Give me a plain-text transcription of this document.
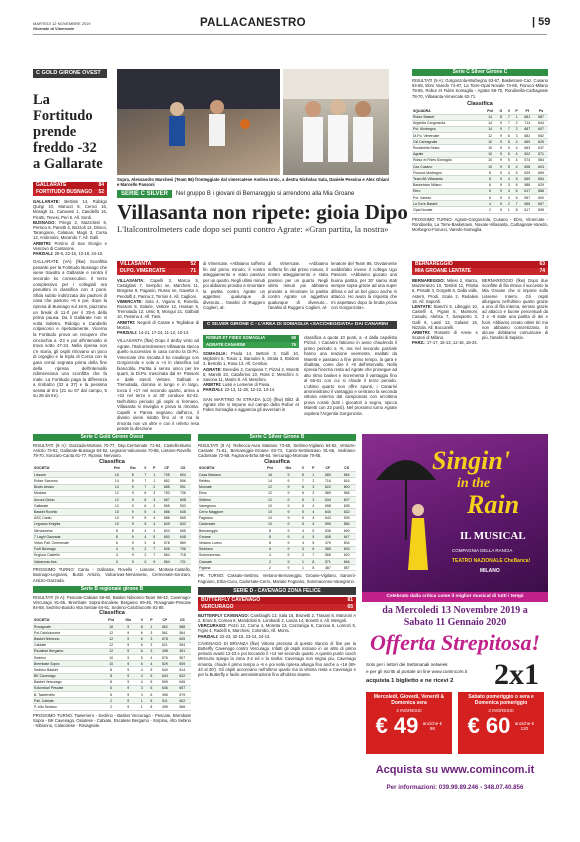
MARTEDI 12 NOVEMBRE 2019
Giornale di Vimercate	PALLACANESTRO	| 59
C GOLD GIRONE OVEST
La Fortitudo prende freddo -32 a Gallarate
GALLARATE	84
FORTITUDO BUSNAGO 52

GALLARATE: Bettinsi 14, Ridolgo Quirgi 10, Marucci 6, Ceroci 16, Moragh 11, Canavesi 1, Candiello 16, Picotti, Tenesi, Peri 5. All. Sordi.

BUSNAGO: Pirego 2, Mazzoleni 6, Persico 6, Panetti 4, Bozzoli 14, Drisco, Tarangione, Calanan, Magri 3, Corsa 12, Ambrosini, Morando 7. All. Galli.

ARBITRI: Porrino di San Giorgio e Vescovo di Cantarone.

PARZIALI: 25-6, 22-16, 13-18, 24-10.

GALLARATE (VA) (fkw) Sconfitta pesante per la Fortitudo Busnago che viene travolta a Gallarate e centra il secondo ko consecutivo. Il terzo complessivo per i collegiali ora penultimi in classifica con 4 punti. Sfida subito indirizzata dai padroni di casa che partono +6 e poi, dopo la ripresa di Busnago sul 16-8, piazzano un break di 11-0 per il 25-6 della prima pausa. Da li Gallarate non si volta indietro, Ridolgo e Candiello colpiscono e ripetutamente. Vicerna la Fortitudo prova un recupero che cincischia a -23 e poi all'intervallo si trova sotto 47-24. Nella ripresa non c'e storia, gli ospiti ritrovano un poco di orgoglio e la tripla di Corsa con la gara ormai segnata prima della fine della ripresa dell'intervallo ridimensiona una sconfitta che fa male. La Fortitudo paga la differenza a rimbalzo (32 a 37) e la pessima serata al tiro (21 su 67 dal campo, 5 su 28 da tre).
Sopra, Alessandro Marchesi (Team 86) fronteggiato dal vimercatese Andrea Ursic, a destra Nicholas Sala, Daniele Pessina e Alex Ghiani e Marcello Passoni
SERIE C SILVER	Nel gruppo B i giovani di Bernareggio si arrendono alla Mia Groane
Villasanta non ripete: gioia Dipo
L'Italcontrolmeters cade dopo sei punti contro Agrate: «Gran partita, la nostra»
VILLASANTA	52
DI.PO. VIMERCATE	71

VILLASANTA: Capelli 3, Mosca 5, Castiglioni 7, Semplici ne, Marchesi 11, Morgese 9, Paganin, Russo ne, Gavetta 4, Pendolfi 4, Panna 2, Tornini 4. All. Caglioni.

VIMERCATE: Sola 4, Vigano 6, Ronella, Rossoni 8, Salarie, Vettore 12, Hassan 5, Tremolada 12, Ursic 8, Mongui 21, Galbiati 10, Pessina 4. All. Tieni.

ARBITRI: Negroli di Carate e Tegliabue di Monza.

PARZIALI: 14-21, 17-24, 11-12, 10-14.

VILLASANTA (fkw) Dopo il derby vinto ad Agrate, l'Italcontrolmeters Villasanta stecca quello successivo in casa contro la Di.Po. Vimercate che riscatta il ko casalingo con Gorgonzola e vola a +4 in classifica sul biancoblu. Partita a senso unico per tre quarti, la Di.Po. trascinata dal 6+ Passoni e dalle steroli Vettore, Galbiati e Tremolada, domina in lungo e in largo, tocca il +17 nel secondo quarto, arriva a +22 nel terzo e al 30' conduce 62-42. Nell'ultimo periodo gli ospiti si fermano, Villasanta si risveglia e prova la rimonta. Capelli e Panna segnano dall'arco, il divario viene ridotto fino al -8 ma la rimonta non va oltre e con il referto resa pende la direzione
di Vimercate. «Abbiamo sofferto fin dal primo minuto, il nostro atteggiamento e stato passivo per un quarto. Negli ultimi minuti poi abbiamo provato a rimontare la partita contro Agrate un aggettivo qualunque di divenuto... l'analisi di Ruggero Coglieri, al-
lenatore del Team 86. Ovviamente soddisfatto invece il collega Ugo Passoni: «Abbiamo giocato una buona partita, per 30' siamo stati sempre sopra grazie ad una super difesa e ad un bel gioco anche in attacco. Ho avuto la risposta che mi aspettavo dopo la brutta prova con Gorgonzola».
di Vimercate. «Abbiamo sofferto fin dal primo minuto, il nostro atteggiamento e stato passivo per un quarto. Negli ultimi minuti poi abbiamo provato a rimontare la partita contro Agrate un aggettivo qualunque di divenuto... l'analisi di Ruggero Coglieri, al-
C SILVER GIRONE C - L'AREA DI SOMAGLIA «SACCHEGGIATA» DAI CANARINI
ROBUR ET FIDES SOMAGLIA	58
AGRATE CANARINI	75

SOMAGLIA: Prada 14, Bettoni 3, Gulli 10, Migliorini 5, Tosoo 1, Baroulini 5, Strata 3, Boldoni 3, Bertollo 1, Rosa 13. All. Cembai.

AGRATE: Benedini 2, Campana 7, Pizzul 2, Moretti 5, Maretti 23, Cataforino 10, Ross 2, Meschini 4, Savona 11, Marini 8. All. Meschini.

ARBITRI: Lussi e Lememe di Pavia.

PARZIALI: 22-13, 11-26, 12-22, 13-14.

SAN MARTINO IN STRADA (LO) (fkw) Blitz di Agrate che si impone sul campo della Robur et Fides Somaglia e aggancia gli avversari in
classifica a quota 10 punti, a -4 dalla capolista Pizzul. I Canarini faticano in avvio chiudendo il primo periodo a -9, ma nel secondo parziale hanno una reazione veemente, esaltati da Maretti e passano a fine primo tempo, la gara e ribaltata, come dire il +8 dell'intervallo. Nella ripresa l'inerzia resta ad Agrate che prosegue ad alto ritmo basket e incrementa il vantaggio fino al 65-61 con cui si chiude il terzo periodo. L'ultimo quarto non offre spunti, i Canarini amministrano il vantaggio e centrano la seconda vittoria esterna dal campionato con un'ottima prova corale (tutti i giocatori a segno, spicca Maretti con 23 punti). Nel prossimo turno Agrate ospitera l'Argentia Gorgonzola.
Serie C Silver Girone C
RISULTATI (9 A): Gorgonzola-Morbegno 63-67, Basketown-Caz. Cusano 64-68, Ebro Varedo 74-67, La Torre-Opal Novate 74-66, Fiorucci-Milano 78-65, Robur et Fides Somaglia - Agrate 58-75, Rondinella-Carbagnate 78-70, Villasanta-Vimercate 62-71.
Classifica
SQUADRA	Pnt	G	V	P	Pf	Ps
Robur Basket	14	8	7	1	681	587
Argentia Gorgonzola	14	9	7	2	714	644
Pol. Morbegno	14	9	7	2	687	607
Di.Po. Vimercate	12	9	6	3	682	652
Csl Carbagnate	10	9	5	4	669	629
Rondinella Sesto	10	9	5	4	663	637
Agrate	10	9	5	4	602	571
Robur et Fides Somaglia	10	9	5	4	574	584
Caz Cusano	10	9	5	4	608	603
Fiorucci Morbegno	8	9	4	5	629	659
Team 86 Villasanta	8	9	4	5	660	654
Basketown Milano	6	9	3	6	588	629
Ebro	6	9	3	6	617	688
Pol. Varedo	6	9	3	6	557	600
La Torre Basket	4	9	2	7	566	657
Opal Novate	2	9	1	8	617	695
PROSSIMO TURNO: Agrate-Gorgonzola, Cusano - Ebro, Vimercate - Rondinella, La Torre-Basketown, Novate-Villasanta, Carbagnate-Varedo, Morbegno-Fiorucci, Varedo-Somaglia.
BERNAREGGIO	63
MIA GROANE LENTATE	74

BERNAREGGIO: Milesi 2, Marza, Mazzeranzo 10, Tostinti 11, Pirotta 6, Protatti 3, Gorgetti 6, Dalla valle, Asterri, Prodi, Scala 2, Redalesi 16. All. Saporiti.

LENTATE: Bianchi 5, Libeggio 10, Castelli 4, Pigani 6, Marinoni, Casado, Alebsu 7, Sampietro 3, Galli 6, Lassi 13, Galassi 16, Nizzola. All. Boccarelli.

ARBITRI: Rossetti di Arese e Scuteri di Milano.

PARZ.: 17-17, 16-13, 12-16, 18-24.

BERNAREGGIO (fkw) Dopo due sconfitte di fila ritrova il successo la Mia Groane che si impone sulla Lisseme Interni. Gli ospiti allungano nell'ultimo quarto grazie a uno di fila interna, serrato grazie ad attacco e buone percentuali da 3 e -8 state una partita di dei e fuori. Abbiamo creato ottimi tiri ma non abbiamo concretizzato, in alcune dobbiamo comunicare di più, l'analisi di Sapisio.
Serie C Gold Girone Ovest
RISULTATI (9 A): Gazzada-Mortara 70-77, Dep.Cermenate 71-64, Castello-Busto Arsizio 73-82, Gallarate-Busnago 84-52, Legnano-Valcanvas 70-88, Lissone-Rovello 79-70, Sonzaro-Canta 61-77, Riposa: Nerviano.
Classifica
SOCIETA'	Pnt	Gio	V	P	CF	CS
Lissone	16	8	7	1	705	604
Robur Saronno	14	8	7	1	652	556
Busto Arsizio	14	9	7	2	685	591
Mortara	12	9	6	3	753	736
Aurora Desio	12	9	6	3	667	608
Gallarate	12	9	6	3	565	533
Basket Rovello	10	9	5	4	686	648
ASC Cantu	10	9	5	4	686	665
Legnano Knights	10	9	5	4	649	632
Nerviamese	8	8	4	4	604	665
7 Laghi Gazzada	8	9	4	5	650	648
Virtus Pall. Cermenate	6	9	3	6	578	589
Forti Busnago	4	9	2	7	636	706
Engioor Castello	4	9	2	7	564	718
Valcanvas Ass.	0	9	0	9	564	721
PROSSIMO TURNO: Cantu - Gallarate, Rovello - Lissone, Mortara-Castello, Busnago-Legnano, Busto Arsizio, Valcanvas-Nervianese, Cermenate-Sonzaro, Arsizio-Gazzada.
Serie B regionale girone B
RISULTATI (9 A): Pescate-Cabiate 59-60, Basket Nibionno-Taoer 68-42, Cavenago-Vercurago 81-65, Brembate Sopra-Escalese Bergamo 69-46, Rovagnate-Pescate 84-58, Sedrino-Busolo Alta Seriate 64-61, Sedrino-Calolziocorte 81-80.
Classifica
SOCIETA'	Pnt	Gio	V	P	CF	CS
Rovagnate	16	9	8	1	652	588
Pol.Calolziocorte	12	9	6	3	561	564
Basket Nibionno	12	9	6	3	678	605
Cabiate	12	9	6	3	621	594
Escalese Bergamo	12	9	6	3	498	451
Sedrino	10	9	5	4	576	557
Brembate Sopra	10	9	5	4	529	509
Sedrino Basket	8	9	4	5	640	614
BK Cavenago	8	9	4	5	644	622
Basket Vercurago	8	9	4	5	599	645
Kolombari Pescate	6	9	3	6	636	657
B. Tawernello	6	9	3	6	496	579
Pall. Cabiate	2	9	1	8	511	602
P. Alto Seriano	2	9	1	8	495	566
PROSSIMO TURNO: Tawernero - Sedrino - Basket Vercurago - Pescate, Brembate Sopra - BK Cavenago, Osiutese - Cabiate, Escalese Bergamo - Sorpina, Alto Sebino - Nibionno, Calacolese - Rovagnate.
Serie C Silver Girone B
RISULTATI (9 A): Rebecca-Aura Mariano 73-65, Settimo-Vigilano 64-62, Vertarre-Cassate 71-61, Bernareggio-Groane 63-74, Canto-Settimaraso 91-66, Sedriano-Cadorsate 72-68, Fagnano-Erba 58-64, Vercurago-Mornate 70-85.
Classifica
SOCIETA'	Pnt	Gio	V	P	CF	CS
Casa Mariano	16	9	8	1	680	564
Rebbio	14	9	7	2	716	616
Mornate	12	9	6	3	622	600
Erba	12	9	6	3	589	556
Settimo	12	9	6	3	634	607
Vanegrono	10	9	5	4	658	635
Cerro Maggiore	10	9	5	4	640	632
Fagnano	10	9	5	4	643	539
Cadorsate	10	9	5	4	599	584
Bemareggio	8	9	4	5	636	690
Groane	8	9	4	5	608	647
Vedano Lurino	8	9	4	5	479	504
Sedriano	6	9	3	6	585	693
Sommacenso	4	9	2	7	566	620
Cassate	2	9	1	8	571	646
Figlana	2	9	1	8	487	587
PR. TURNO: Cassate-Settimo, Vertano-Bernareggio, Groane-Vigilano, Saronni-Fagnano, Erba-Cucu, Cadorsate-Cerro, Mariate Fognano, Sommacenso-Vanegrono.
SERIE D - CAVENAGO ZONA FELICE
BUTTERFLY CAVENAGO	81
VERCURAGO	65

BUTTERFLY CAVENAGO: Cambiaghi 13, Sala 16, Brunetti 2, Trasani 8, Manzoni A 2, Eroni 5, Cornea 6, Mandolosi 9, Lombardi 2, Lanza 14, Bonetti 4. All. Mengoli.

VERCURAGO: Pozzi 12, Corna 4, Moretta 13, Cazzaniga 6, Canova 6, Lorenzi 5, Figini 4, Radelli 5, Marchesi, Colombo, All. Morra.

PARZIALI: 22-23, 32-15, 23-14, 24-13.

CAVENAGO DI BRIANZA (fkw) Vittoria preziosa di questo rilancio di fine per la Butterfly Cavenago contro Vercurago. Infatti gli ospiti iniziano in un altro di primo periodo avanti 12-23 e poi toccando il +14 nel secondo quarto. A questo punto coach Mercurio spiega la zona 3-2 ed e la svolta: Cavenago non segna piu, Cavenago rimonta, chiude il primo tempo a -6 e poi nella ripresa allunga fino anche a +16 (69-43 al 30'). Gli ospiti accorciano nell'ultimo quarto ma la vittoria resta a Cavenago e per la Butterfly e facile amministrazione fino all'ultimo istante.
Singin'
in the
Rain
IL MUSICAL
COMPAGNIA DELLA RANCIA
TEATRO NAZIONALE CheBanca!
MILANO
Celebrato dalla critica come il miglior musical di tutti i tempi
da Mercoledi 13 Novembre 2019 a Sabato 11 Gennaio 2020
Offerta Strepitosa!
Solo per i lettori dei Settimanali netweek
e per gli iscritti al portale on line www.comincom.it
acquista 1 biglietto e ne ricevi 2	2x1
Mercoledi, Giovedi, Venerdi & Domenica sera
2 INGRESSI
€ 49 anziche € 98
Sabato pomeriggio o sera e Domenica pomeriggio
2 INGRESSI
€ 60 anziche € 120
Acquista su www.comincom.it
Per informazioni: 039.99.89.246 - 348.07.40.856
